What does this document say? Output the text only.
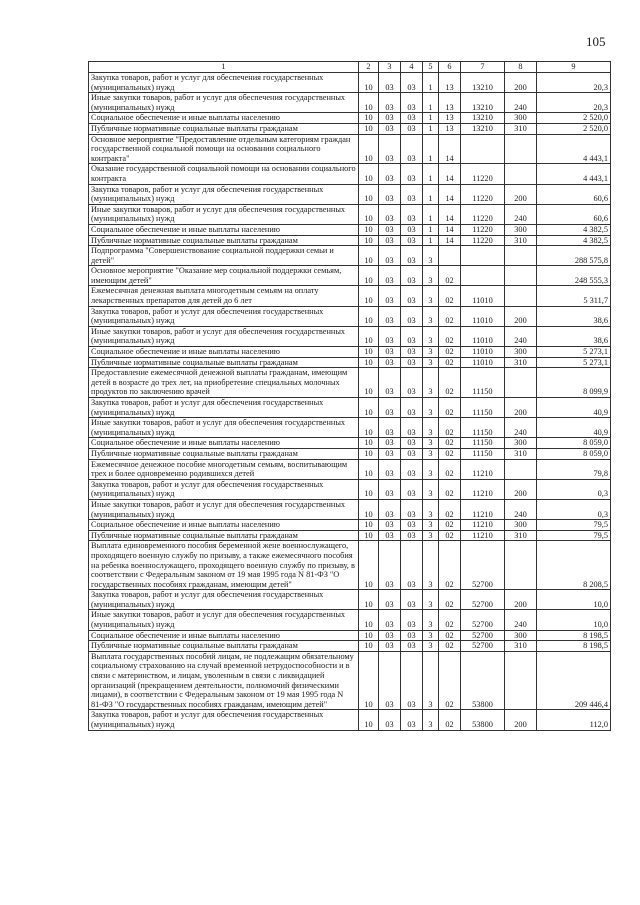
105
1	2	3	4	5	6	7	8	9
Закупка товаров, работ и услуг для обеспечения государственных (муниципальных) нужд	10	03	03	1	13	13210	200	20,3
Иные закупки товаров, работ и услуг для обеспечения государственных (муниципальных) нужд	10	03	03	1	13	13210	240	20,3
Социальное обеспечение и иные выплаты населению	10	03	03	1	13	13210	300	2 520,0
Публичные нормативные социальные выплаты гражданам	10	03	03	1	13	13210	310	2 520,0
Основное мероприятие "Предоставление отдельным категориям граждан государственной социальной помощи на основании социального контракта"	10	03	03	1	14			4 443,1
Оказание государственной социальной помощи на основании социального контракта	10	03	03	1	14	11220		4 443,1
Закупка товаров, работ и услуг для обеспечения государственных (муниципальных) нужд	10	03	03	1	14	11220	200	60,6
Иные закупки товаров, работ и услуг для обеспечения государственных (муниципальных) нужд	10	03	03	1	14	11220	240	60,6
Социальное обеспечение и иные выплаты населению	10	03	03	1	14	11220	300	4 382,5
Публичные нормативные социальные выплаты гражданам	10	03	03	1	14	11220	310	4 382,5
Подпрограмма "Совершенствование социальной поддержки семьи и детей"	10	03	03	3				288 575,8
Основное мероприятие "Оказание мер социальной поддержки семьям, имеющим детей"	10	03	03	3	02			248 555,3
Ежемесячная денежная выплата многодетным семьям на оплату лекарственных препаратов для детей до 6 лет	10	03	03	3	02	11010		5 311,7
Закупка товаров, работ и услуг для обеспечения государственных (муниципальных) нужд	10	03	03	3	02	11010	200	38,6
Иные закупки товаров, работ и услуг для обеспечения государственных (муниципальных) нужд	10	03	03	3	02	11010	240	38,6
Социальное обеспечение и иные выплаты населению	10	03	03	3	02	11010	300	5 273,1
Публичные нормативные социальные выплаты гражданам	10	03	03	3	02	11010	310	5 273,1
Предоставление ежемесячной денежной выплаты гражданам, имеющим детей в возрасте до трех лет, на приобретение специальных молочных продуктов по заключению врачей	10	03	03	3	02	11150		8 099,9
Закупка товаров, работ и услуг для обеспечения государственных (муниципальных) нужд	10	03	03	3	02	11150	200	40,9
Иные закупки товаров, работ и услуг для обеспечения государственных (муниципальных) нужд	10	03	03	3	02	11150	240	40,9
Социальное обеспечение и иные выплаты населению	10	03	03	3	02	11150	300	8 059,0
Публичные нормативные социальные выплаты гражданам	10	03	03	3	02	11150	310	8 059,0
Ежемесячное денежное пособие многодетным семьям, воспитывающим трех и более одновременно родившихся детей	10	03	03	3	02	11210		79,8
Закупка товаров, работ и услуг для обеспечения государственных (муниципальных) нужд	10	03	03	3	02	11210	200	0,3
Иные закупки товаров, работ и услуг для обеспечения государственных (муниципальных) нужд	10	03	03	3	02	11210	240	0,3
Социальное обеспечение и иные выплаты населению	10	03	03	3	02	11210	300	79,5
Публичные нормативные социальные выплаты гражданам	10	03	03	3	02	11210	310	79,5
Выплата единовременного пособия беременной жене военнослужащего, проходящего военную службу по призыву, а также ежемесячного пособия на ребенка военнослужащего, проходящего военную службу по призыву, в соответствии с Федеральным законом от 19 мая 1995 года N 81-ФЗ "О государственных пособиях гражданам, имеющим детей"	10	03	03	3	02	52700		8 208,5
Закупка товаров, работ и услуг для обеспечения государственных (муниципальных) нужд	10	03	03	3	02	52700	200	10,0
Иные закупки товаров, работ и услуг для обеспечения государственных (муниципальных) нужд	10	03	03	3	02	52700	240	10,0
Социальное обеспечение и иные выплаты населению	10	03	03	3	02	52700	300	8 198,5
Публичные нормативные социальные выплаты гражданам	10	03	03	3	02	52700	310	8 198,5
Выплата государственных пособий лицам, не подлежащим обязательному социальному страхованию на случай временной нетрудоспособности и в связи с материнством, и лицам, уволенным в связи с ликвидацией организаций (прекращением деятельности, полномочий физическими лицами), в соответствии с Федеральным законом от 19 мая 1995 года N 81-ФЗ "О государственных пособиях гражданам, имеющим детей"	10	03	03	3	02	53800		209 446,4
Закупка товаров, работ и услуг для обеспечения государственных (муниципальных) нужд	10	03	03	3	02	53800	200	112,0
